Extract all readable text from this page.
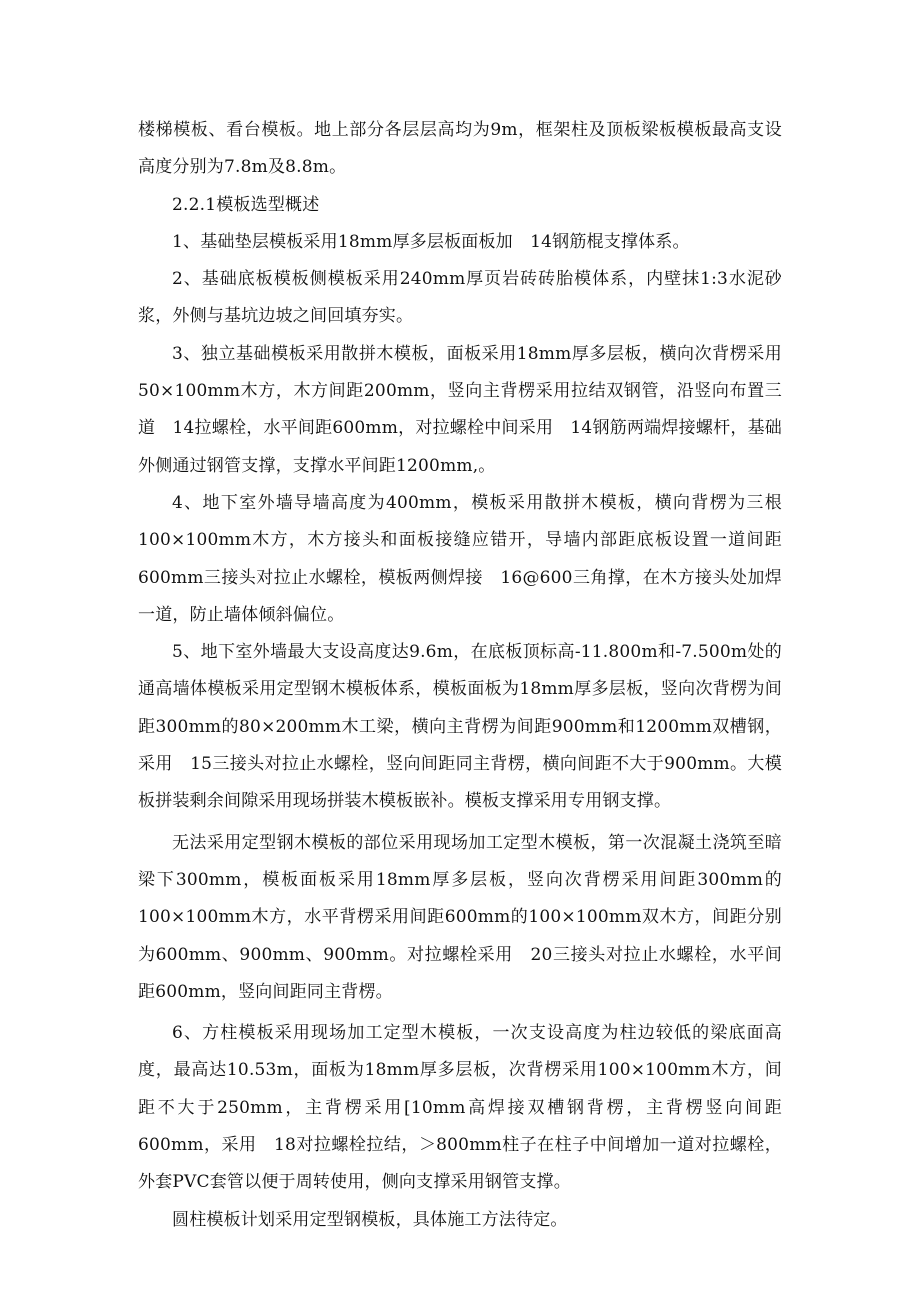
楼梯模板、看台模板。地上部分各层层高均为9m，框架柱及顶板梁板模板最高支设高度分别为7.8m及8.8m。

2.2.1模板选型概述

1、基础垫层模板采用18mm厚多层板面板加　14钢筋棍支撑体系。

2、基础底板模板侧模板采用240mm厚页岩砖砖胎模体系，内壁抹1:3水泥砂浆，外侧与基坑边坡之间回填夯实。

3、独立基础模板采用散拼木模板，面板采用18mm厚多层板，横向次背楞采用50×100mm木方，木方间距200mm，竖向主背楞采用拉结双钢管，沿竖向布置三道　14拉螺栓，水平间距600mm，对拉螺栓中间采用　14钢筋两端焊接螺杆，基础外侧通过钢管支撑，支撑水平间距1200mm,。

4、地下室外墙导墙高度为400mm，模板采用散拼木模板，横向背楞为三根100×100mm木方，木方接头和面板接缝应错开，导墙内部距底板设置一道间距600mm三接头对拉止水螺栓，模板两侧焊接　16@600三角撑，在木方接头处加焊一道，防止墙体倾斜偏位。

5、地下室外墙最大支设高度达9.6m，在底板顶标高-11.800m和-7.500m处的通高墙体模板采用定型钢木模板体系，模板面板为18mm厚多层板，竖向次背楞为间距300mm的80×200mm木工梁，横向主背楞为间距900mm和1200mm双槽钢，采用　15三接头对拉止水螺栓，竖向间距同主背楞，横向间距不大于900mm。大模板拼装剩余间隙采用现场拼装木模板嵌补。模板支撑采用专用钢支撑。

无法采用定型钢木模板的部位采用现场加工定型木模板，第一次混凝土浇筑至暗梁下300mm，模板面板采用18mm厚多层板，竖向次背楞采用间距300mm的100×100mm木方，水平背楞采用间距600mm的100×100mm双木方，间距分别为600mm、900mm、900mm。对拉螺栓采用　20三接头对拉止水螺栓，水平间距600mm，竖向间距同主背楞。

6、方柱模板采用现场加工定型木模板，一次支设高度为柱边较低的梁底面高度，最高达10.53m，面板为18mm厚多层板，次背楞采用100×100mm木方，间距不大于250mm，主背楞采用[10mm高焊接双槽钢背楞，主背楞竖向间距600mm，采用　18对拉螺栓拉结，＞800mm柱子在柱子中间增加一道对拉螺栓，外套PVC套管以便于周转使用，侧向支撑采用钢管支撑。

圆柱模板计划采用定型钢模板，具体施工方法待定。
